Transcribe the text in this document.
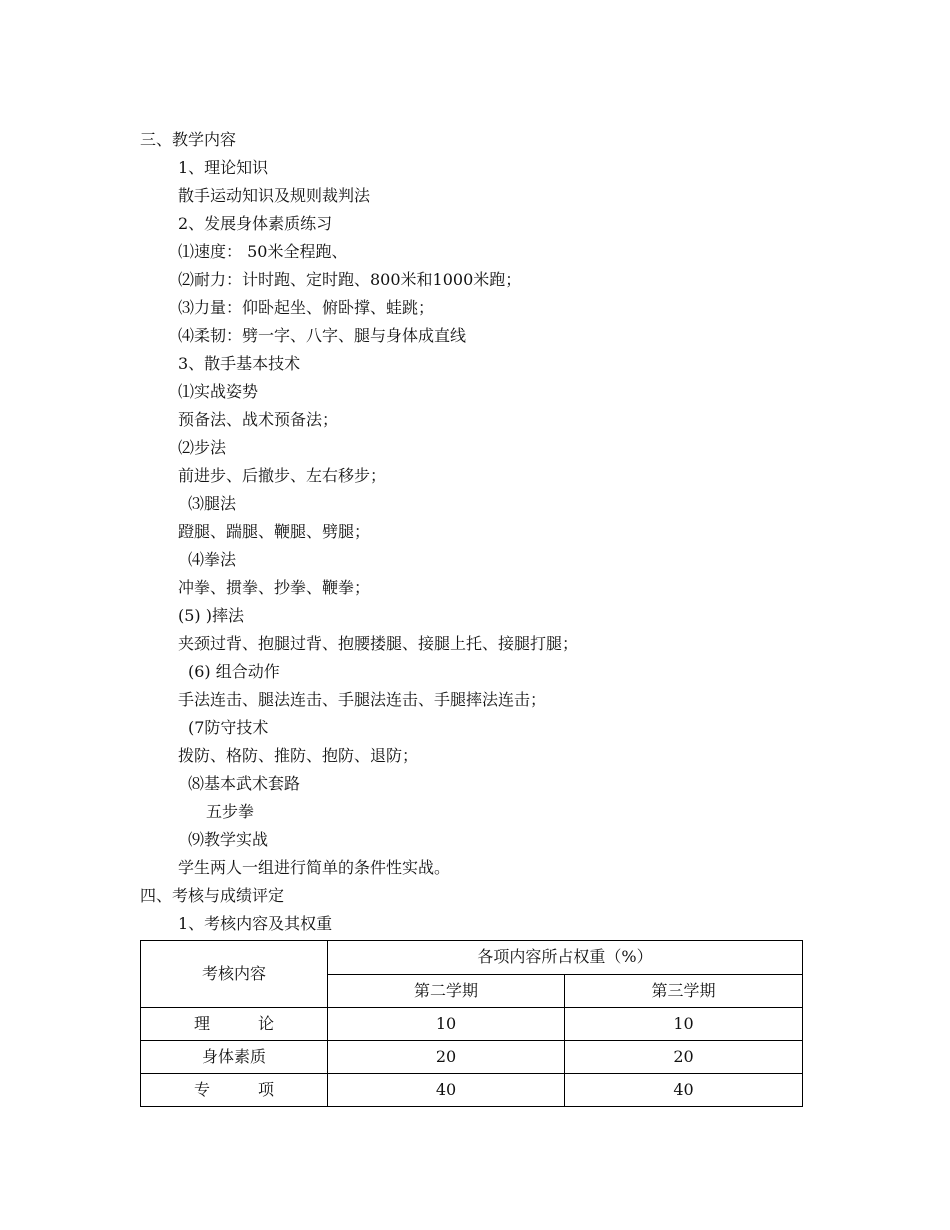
三、教学内容
1、理论知识
散手运动知识及规则裁判法
2、发展身体素质练习
⑴速度： 50米全程跑、
⑵耐力：计时跑、定时跑、800米和1000米跑；
⑶力量：仰卧起坐、俯卧撑、蛙跳；
⑷柔韧：劈一字、八字、腿与身体成直线
3、散手基本技术
⑴实战姿势
预备法、战术预备法；
⑵步法
前进步、后撤步、左右移步；
⑶腿法
蹬腿、踹腿、鞭腿、劈腿；
⑷拳法
冲拳、掼拳、抄拳、鞭拳；
(5) )摔法
夹颈过背、抱腿过背、抱腰搂腿、接腿上托、接腿打腿；
(6) 组合动作
手法连击、腿法连击、手腿法连击、手腿摔法连击；
(7防守技术
拨防、格防、推防、抱防、退防；
⑻基本武术套路
五步拳
⑼教学实战
学生两人一组进行简单的条件性实战。
四、考核与成绩评定
1、考核内容及其权重
考核内容	各项内容所占权重（%）	
	第二学期	第三学期
理　　　论	10	10
身体素质	20	20
专　　　项	40	40
